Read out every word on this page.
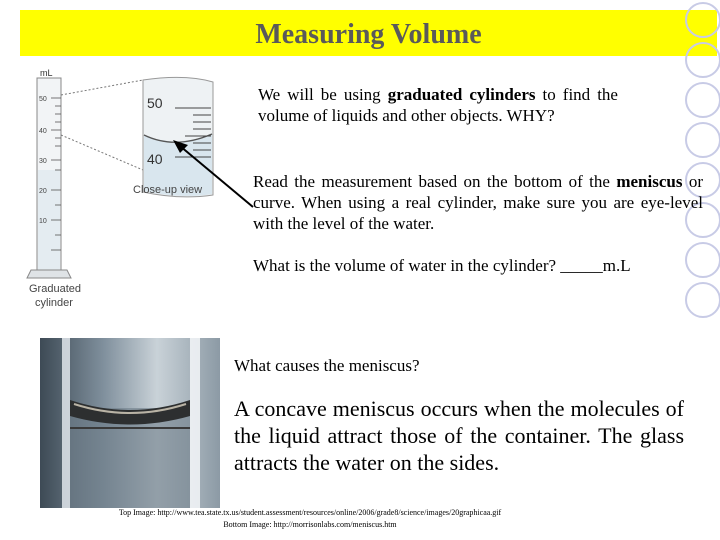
Measuring Volume
mL
50
40
30
20
10
Graduated
cylinder
50
40
Close-up view
We will be using graduated cylinders to find the volume of liquids and other objects. WHY?
Read the measurement based on the bottom of the meniscus or curve. When using a real cylinder, make sure you are eye-level with the level of the water.
What is the volume of water in the cylinder? _____m.L
What causes the meniscus?
A concave meniscus occurs when the molecules of the liquid attract those of the container. The glass attracts the water on the sides.
Top Image: http://www.tea.state.tx.us/student.assessment/resources/online/2006/grade8/science/images/20graphicaa.gif
Bottom Image: http://morrisonlabs.com/meniscus.htm
